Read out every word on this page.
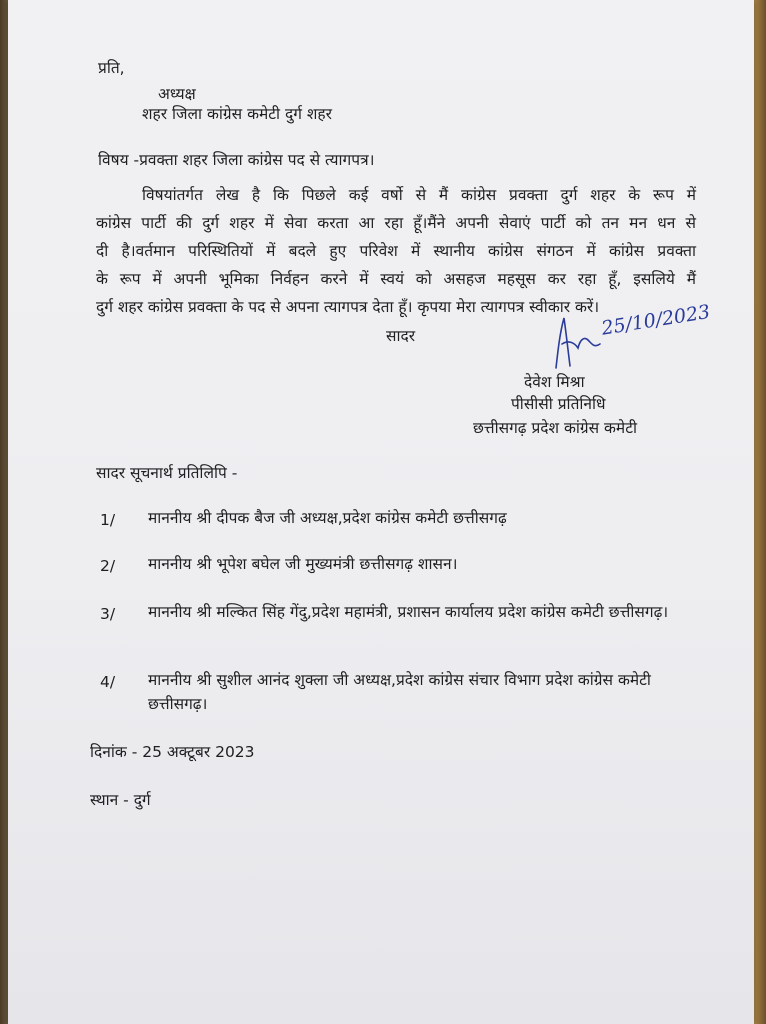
प्रति,

अध्यक्ष

शहर जिला कांग्रेस कमेटी दुर्ग शहर

विषय -प्रवक्ता शहर जिला कांग्रेस पद से त्यागपत्र।

विषयांतर्गत लेख है कि पिछले कई वर्षो से मैं कांग्रेस प्रवक्ता दुर्ग शहर के रूप में
कांग्रेस पार्टी की दुर्ग शहर में सेवा करता आ रहा हूँ।मैंने अपनी सेवाएं पार्टी को तन मन धन से
दी है।वर्तमान परिस्थितियों में बदले हुए परिवेश में स्थानीय कांग्रेस संगठन में कांग्रेस प्रवक्ता
के रूप में अपनी भूमिका निर्वहन करने में स्वयं को असहज महसूस कर रहा हूँ, इसलिये मैं
दुर्ग शहर कांग्रेस प्रवक्ता के पद से अपना त्यागपत्र देता हूँ। कृपया मेरा त्यागपत्र स्वीकार करें।

सादर	25/10/2023

देवेश मिश्रा

पीसीसी प्रतिनिधि

छत्तीसगढ़ प्रदेश कांग्रेस कमेटी

सादर सूचनार्थ प्रतिलिपि -

1/ माननीय श्री दीपक बैज जी अध्यक्ष,प्रदेश कांग्रेस कमेटी छत्तीसगढ़

2/ माननीय श्री भूपेश बघेल जी मुख्यमंत्री छत्तीसगढ़ शासन।

3/ माननीय श्री मल्कित सिंह गेंदु,प्रदेश महामंत्री, प्रशासन कार्यालय प्रदेश कांग्रेस कमेटी छत्तीसगढ़।

4/ माननीय श्री सुशील आनंद शुक्ला जी अध्यक्ष,प्रदेश कांग्रेस संचार विभाग प्रदेश कांग्रेस कमेटी छत्तीसगढ़।

दिनांक - 25 अक्टूबर 2023

स्थान - दुर्ग
